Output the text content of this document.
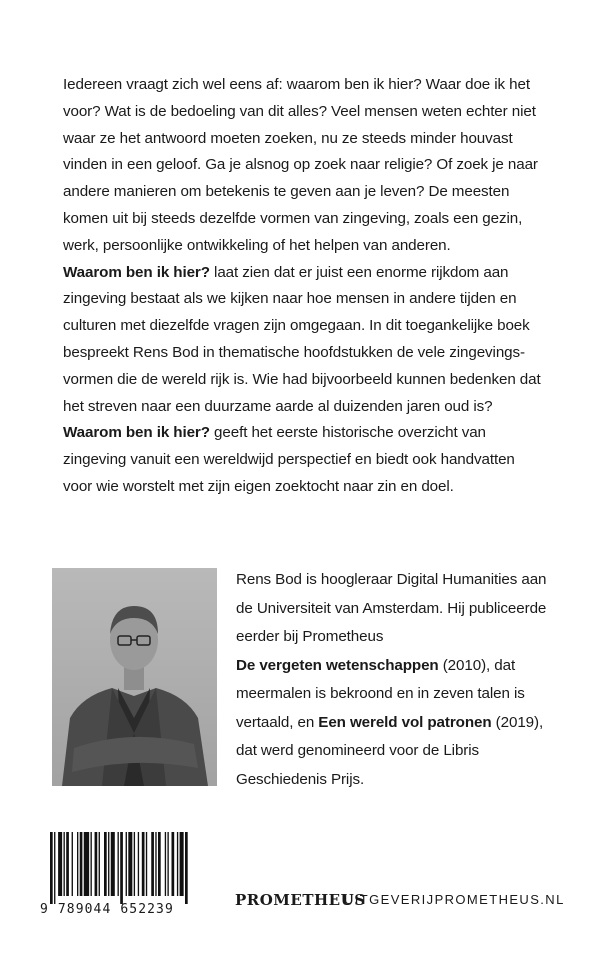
Iedereen vraagt zich wel eens af: waarom ben ik hier? Waar doe ik het voor? Wat is de bedoeling van dit alles? Veel mensen weten echter niet waar ze het antwoord moeten zoeken, nu ze steeds minder houvast vinden in een geloof. Ga je alsnog op zoek naar religie? Of zoek je naar andere manieren om betekenis te geven aan je leven? De meesten komen uit bij steeds dezelfde vormen van zingeving, zoals een gezin, werk, persoonlijke ontwikkeling of het helpen van anderen.
Waarom ben ik hier? laat zien dat er juist een enorme rijkdom aan zingeving bestaat als we kijken naar hoe mensen in andere tijden en culturen met diezelfde vragen zijn omgegaan. In dit toegankelijke boek bespreekt Rens Bod in thematische hoofdstukken de vele zingevings-vormen die de wereld rijk is. Wie had bijvoorbeeld kunnen bedenken dat het streven naar een duurzame aarde al duizenden jaren oud is?
Waarom ben ik hier? geeft het eerste historische overzicht van zingeving vanuit een wereldwijd perspectief en biedt ook handvatten voor wie worstelt met zijn eigen zoektocht naar zin en doel.

Rens Bod is hoogleraar Digital Humanities aan de Universiteit van Amsterdam. Hij publiceerde eerder bij Prometheus
De vergeten wetenschappen (2010), dat meermalen is bekroond en in zeven talen is vertaald, en Een wereld vol patronen (2019), dat werd genomineerd voor de Libris Geschiedenis Prijs.

9 789044 652239
PROMETHEUS
UITGEVERIJPROMETHEUS.NL
